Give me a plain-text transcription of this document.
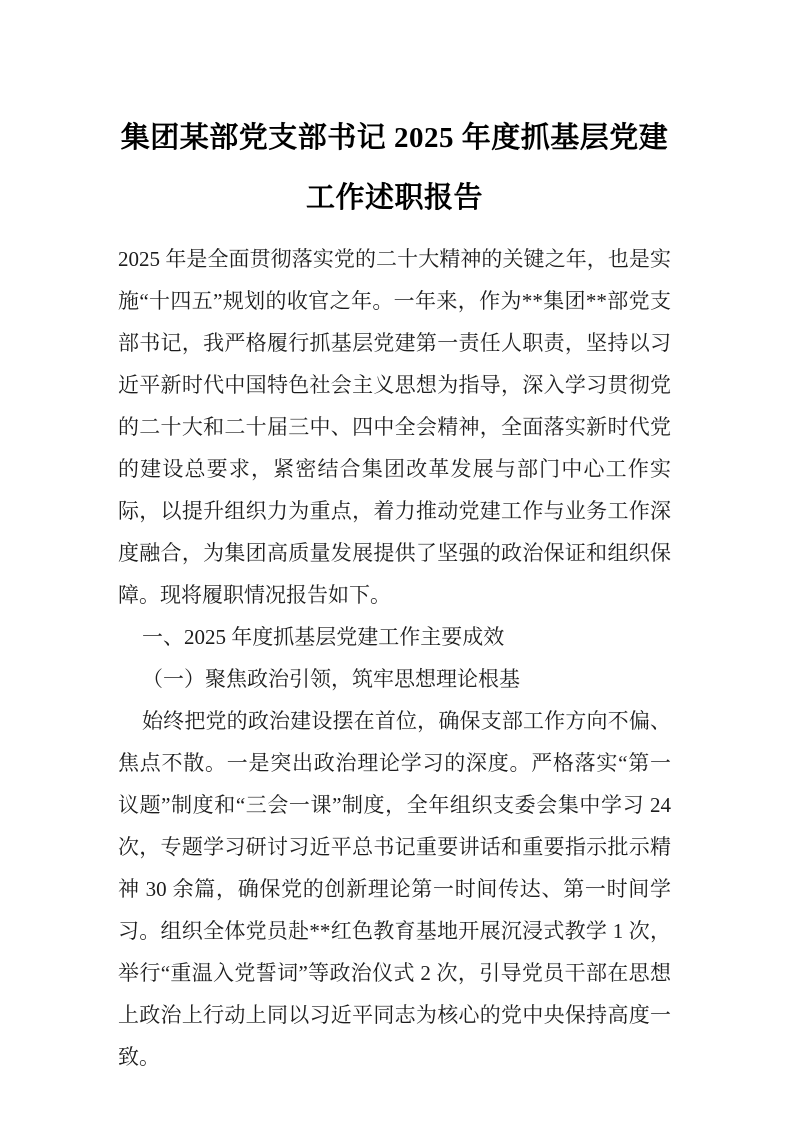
集团某部党支部书记 2025 年度抓基层党建工作述职报告

2025 年是全面贯彻落实党的二十大精神的关键之年，也是实施“十四五”规划的收官之年。一年来，作为**集团**部党支部书记，我严格履行抓基层党建第一责任人职责，坚持以习近平新时代中国特色社会主义思想为指导，深入学习贯彻党的二十大和二十届三中、四中全会精神，全面落实新时代党的建设总要求，紧密结合集团改革发展与部门中心工作实际，以提升组织力为重点，着力推动党建工作与业务工作深度融合，为集团高质量发展提供了坚强的政治保证和组织保障。现将履职情况报告如下。

一、2025 年度抓基层党建工作主要成效

（一）聚焦政治引领，筑牢思想理论根基

始终把党的政治建设摆在首位，确保支部工作方向不偏、焦点不散。一是突出政治理论学习的深度。严格落实“第一议题”制度和“三会一课”制度，全年组织支委会集中学习 24 次，专题学习研讨习近平总书记重要讲话和重要指示批示精神 30 余篇，确保党的创新理论第一时间传达、第一时间学习。组织全体党员赴**红色教育基地开展沉浸式教学 1 次，举行“重温入党誓词”等政治仪式 2 次，引导党员干部在思想上政治上行动上同以习近平同志为核心的党中央保持高度一致。
